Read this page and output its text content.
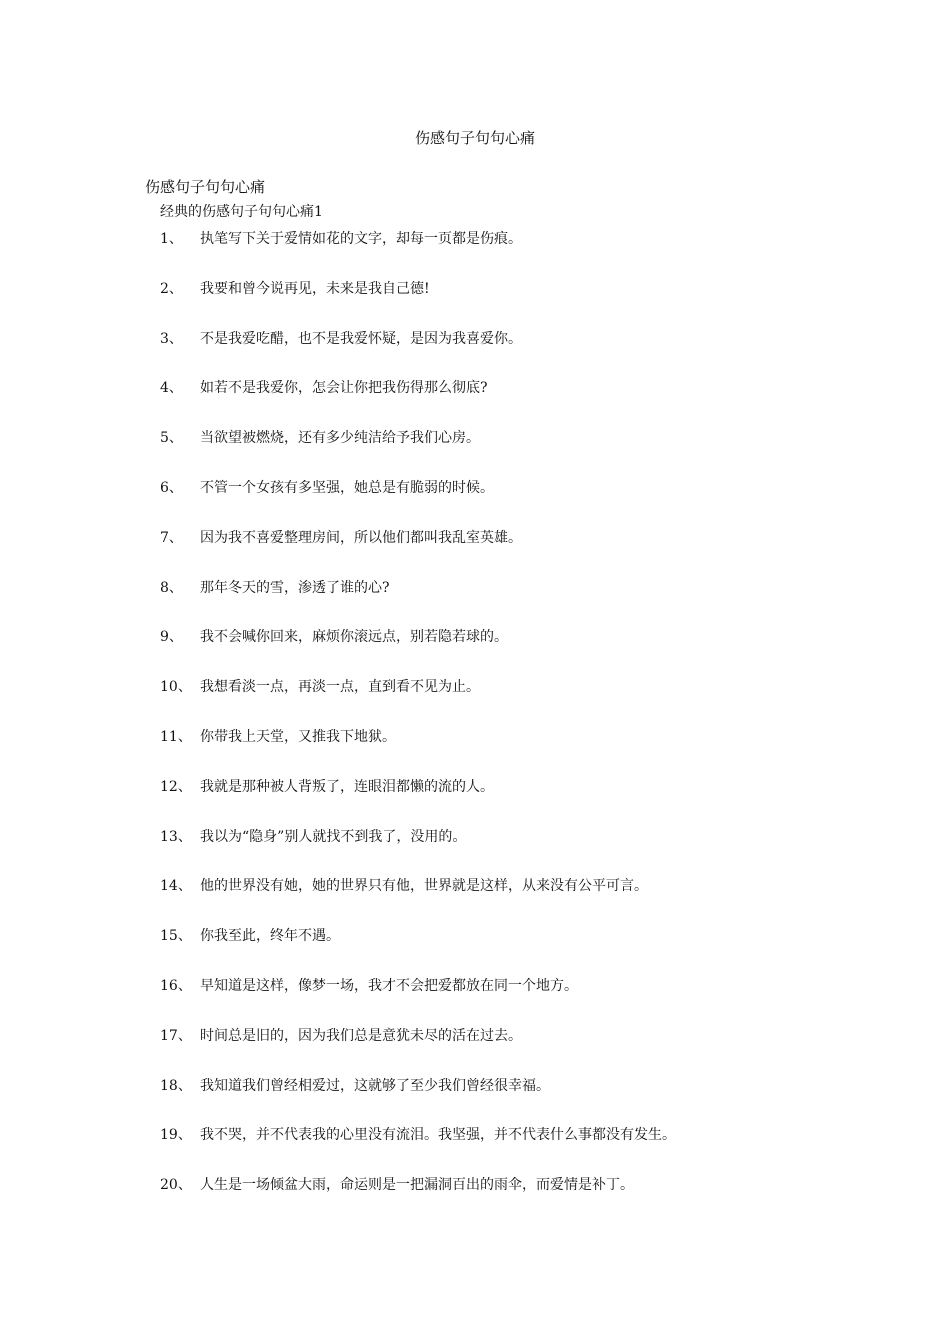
伤感句子句句心痛
伤感句子句句心痛
经典的伤感句子句句心痛1
1、 执笔写下关于爱情如花的文字，却每一页都是伤痕。
2、 我要和曾今说再见，未来是我自己德!
3、 不是我爱吃醋，也不是我爱怀疑，是因为我喜爱你。
4、 如若不是我爱你，怎会让你把我伤得那么彻底?
5、 当欲望被燃烧，还有多少纯洁给予我们心房。
6、 不管一个女孩有多坚强，她总是有脆弱的时候。
7、 因为我不喜爱整理房间，所以他们都叫我乱室英雄。
8、 那年冬天的雪，渗透了谁的心?
9、 我不会喊你回来，麻烦你滚远点，别若隐若球的。
10、 我想看淡一点，再淡一点，直到看不见为止。
11、 你带我上天堂，又推我下地狱。
12、 我就是那种被人背叛了，连眼泪都懒的流的人。
13、 我以为“隐身”别人就找不到我了，没用的。
14、 他的世界没有她，她的世界只有他，世界就是这样，从来没有公平可言。
15、 你我至此，终年不遇。
16、 早知道是这样，像梦一场，我才不会把爱都放在同一个地方。
17、 时间总是旧的，因为我们总是意犹未尽的活在过去。
18、 我知道我们曾经相爱过，这就够了至少我们曾经很幸福。
19、 我不哭，并不代表我的心里没有流泪。我坚强，并不代表什么事都没有发生。
20、 人生是一场倾盆大雨，命运则是一把漏洞百出的雨伞，而爱情是补丁。
